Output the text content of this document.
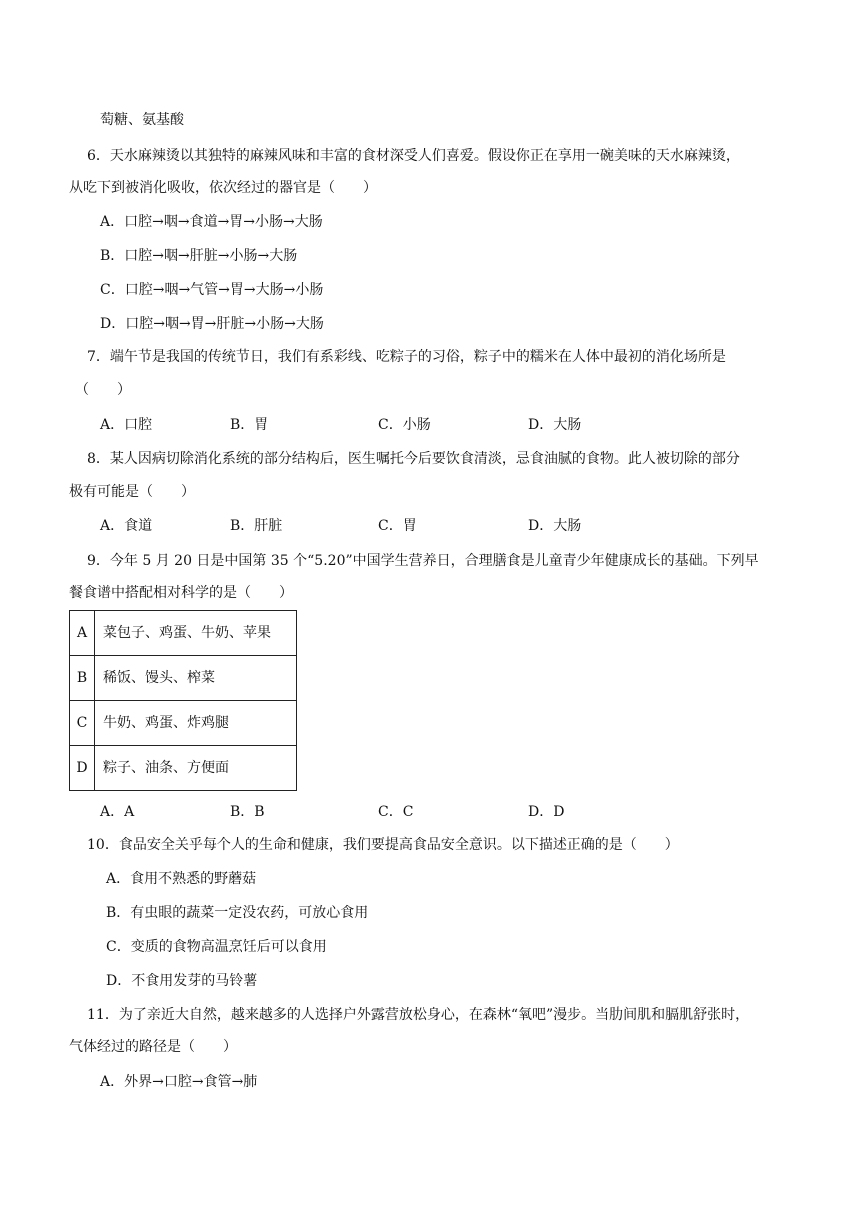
萄糖、氨基酸
6．天水麻辣烫以其独特的麻辣风味和丰富的食材深受人们喜爱。假设你正在享用一碗美味的天水麻辣烫，
从吃下到被消化吸收，依次经过的器官是（　　）
A．口腔→咽→食道→胃→小肠→大肠
B．口腔→咽→肝脏→小肠→大肠
C．口腔→咽→气管→胃→大肠→小肠
D．口腔→咽→胃→肝脏→小肠→大肠
7．端午节是我国的传统节日，我们有系彩线、吃粽子的习俗，粽子中的糯米在人体中最初的消化场所是
（　　）
A．口腔	B．胃	C．小肠	D．大肠
8．某人因病切除消化系统的部分结构后，医生嘱托今后要饮食清淡，忌食油腻的食物。此人被切除的部分
极有可能是（　　）
A．食道	B．肝脏	C．胃	D．大肠
9．今年 5 月 20 日是中国第 35 个“5.20”中国学生营养日，合理膳食是儿童青少年健康成长的基础。下列早
餐食谱中搭配相对科学的是（　　）
A	菜包子、鸡蛋、牛奶、苹果
B	稀饭、馒头、榨菜
C	牛奶、鸡蛋、炸鸡腿
D	粽子、油条、方便面
A．A	B．B	C．C	D．D
10．食品安全关乎每个人的生命和健康，我们要提高食品安全意识。以下描述正确的是（　　）
A．食用不熟悉的野蘑菇
B．有虫眼的蔬菜一定没农药，可放心食用
C．变质的食物高温烹饪后可以食用
D．不食用发芽的马铃薯
11．为了亲近大自然，越来越多的人选择户外露营放松身心，在森林“氧吧”漫步。当肋间肌和膈肌舒张时，
气体经过的路径是（　　）
A．外界→口腔→食管→肺
